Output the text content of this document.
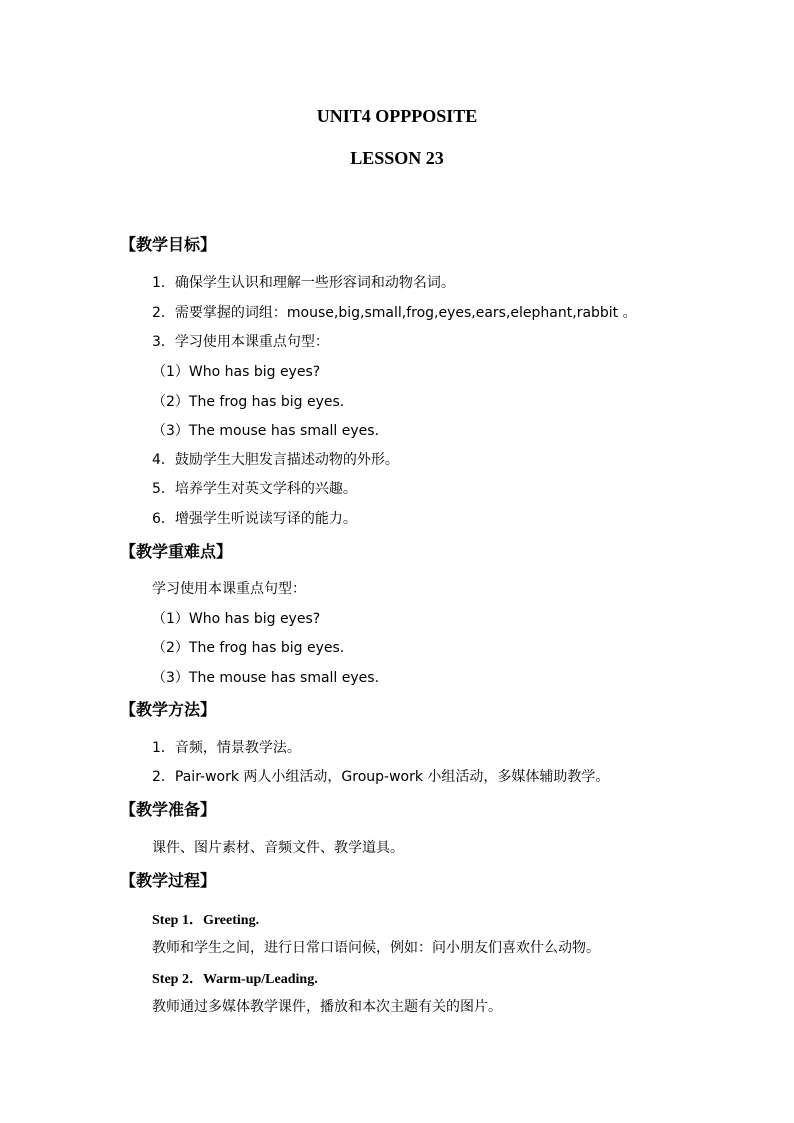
UNIT4 OPPPOSITE
LESSON 23
【教学目标】
1．确保学生认识和理解一些形容词和动物名词。
2．需要掌握的词组：mouse,big,small,frog,eyes,ears,elephant,rabbit 。
3．学习使用本课重点句型：
（1）Who has big eyes?
（2）The frog has big eyes.
（3）The mouse has small eyes.
4．鼓励学生大胆发言描述动物的外形。
5．培养学生对英文学科的兴趣。
6．增强学生听说读写译的能力。
【教学重难点】
学习使用本课重点句型：
（1）Who has big eyes?
（2）The frog has big eyes.
（3）The mouse has small eyes.
【教学方法】
1．音频，情景教学法。
2．Pair-work 两人小组活动，Group-work 小组活动，多媒体辅助教学。
【教学准备】
课件、图片素材、音频文件、教学道具。
【教学过程】
Step 1．Greeting.
教师和学生之间，进行日常口语问候，例如：问小朋友们喜欢什么动物。
Step 2．Warm-up/Leading.
教师通过多媒体教学课件，播放和本次主题有关的图片。
